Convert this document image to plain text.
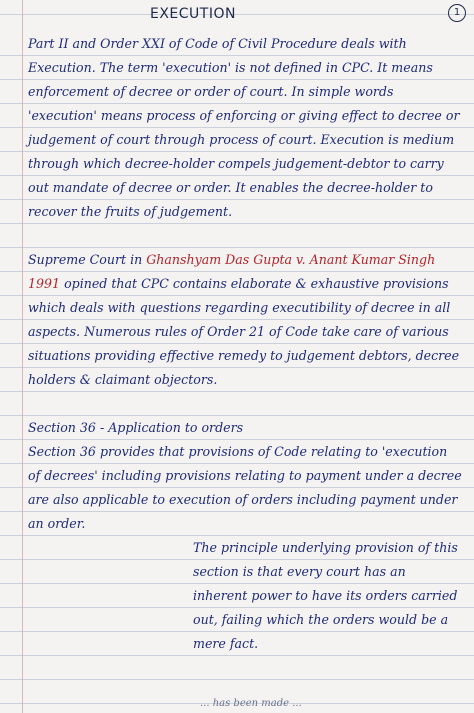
EXECUTION	1

Part II and Order XXI of Code of Civil Procedure deals with Execution. The term 'execution' is not defined in CPC. It means enforcement of decree or order of court. In simple words 'execution' means process of enforcing or giving effect to decree or judgement of court through process of court. Execution is medium through which decree-holder compels judgement-debtor to carry out mandate of decree or order. It enables the decree-holder to recover the fruits of judgement.

Supreme Court in Ghanshyam Das Gupta v. Anant Kumar Singh 1991 opined that CPC contains elaborate & exhaustive provisions which deals with questions regarding executibility of decree in all aspects. Numerous rules of Order 21 of Code take care of various situations providing effective remedy to judgement debtors, decree holders & claimant objectors.

Section 36 - Application to orders

Section 36 provides that provisions of Code relating to 'execution of decrees' including provisions relating to payment under a decree are also applicable to execution of orders including payment under an order.

The principle underlying provision of this section is that every court has an inherent power to have its orders carried out, failing which the orders would be a mere fact.

... has been made ...
